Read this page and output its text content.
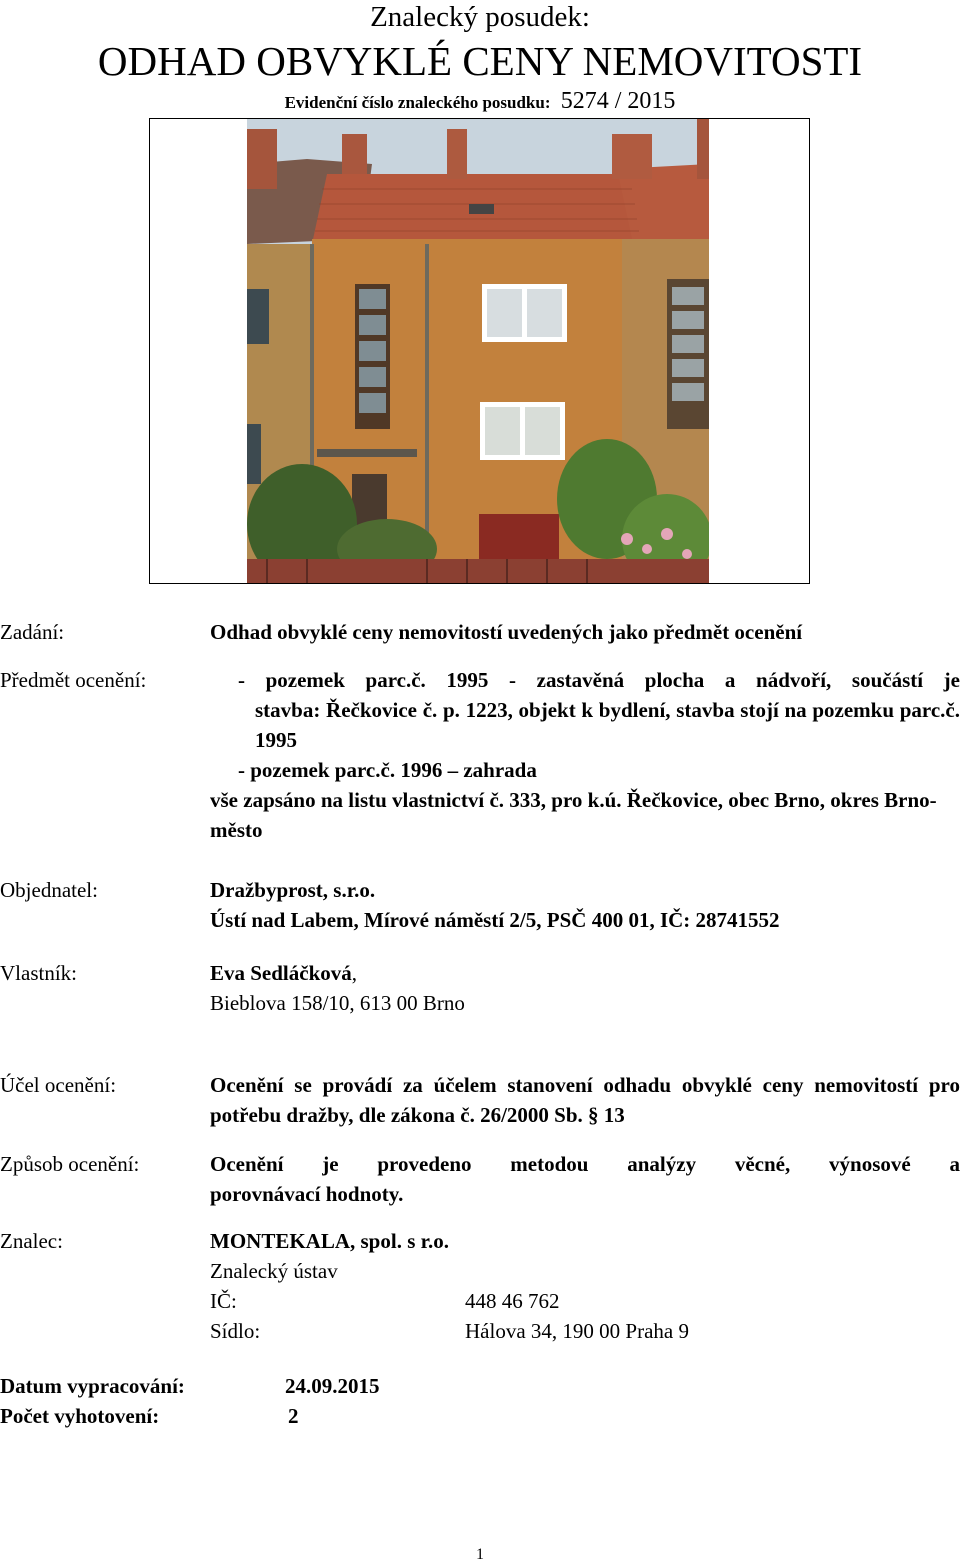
Znalecký posudek:
ODHAD OBVYKLÉ CENY NEMOVITOSTI
Evidenční číslo znaleckého posudku: 5274 / 2015
Zadání:	Odhad obvyklé ceny nemovitostí uvedených jako předmět ocenění
Předmět ocenění:	- pozemek parc.č. 1995 - zastavěná plocha a nádvoří, součástí je
stavba: Řečkovice č. p. 1223, objekt k bydlení, stavba stojí na pozemku parc.č. 1995
- pozemek parc.č. 1996 – zahrada
vše zapsáno na listu vlastnictví č. 333, pro k.ú. Řečkovice, obec Brno, okres Brno-město
Objednatel:	Dražbyprost, s.r.o.
Ústí nad Labem, Mírové náměstí 2/5, PSČ 400 01, IČ: 28741552
Vlastník:	Eva Sedláčková,
Bieblova 158/10, 613 00 Brno
Účel ocenění:	Ocenění se provádí za účelem stanovení odhadu obvyklé ceny nemovitostí pro potřebu dražby, dle zákona č. 26/2000 Sb. § 13
Způsob ocenění:	Ocenění je provedeno metodou analýzy věcné, výnosové a
porovnávací hodnoty.
Znalec:	MONTEKALA, spol. s r.o.
Znalecký ústav
IČ:	448 46 762
Sídlo:	Hálova 34, 190 00 Praha 9
Datum vypracování:	24.09.2015
Počet vyhotovení:	2
1
